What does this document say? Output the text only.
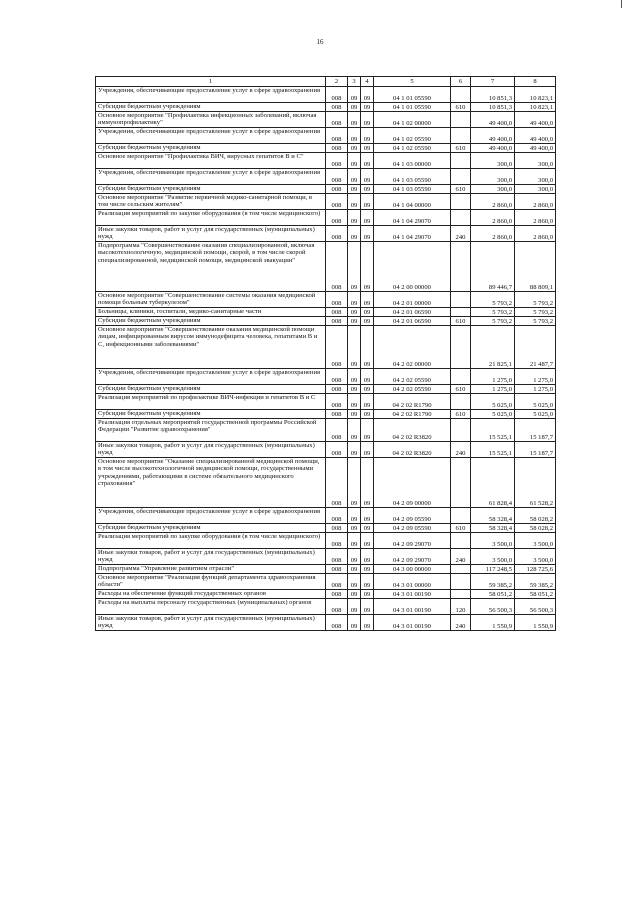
16
1	2	3	4	5	6	7	8
Учреждения, обеспечивающие предоставление услуг в сфере здравоохранения	008	09	09	04 1 01 05590		10 851,3	10 823,1
Субсидии бюджетным учреждениям	008	09	09	04 1 01 05590	610	10 851,3	10 823,1
Основное мероприятие "Профилактика инфекционных заболеваний, включая иммунопрофилактику"	008	09	09	04 1 02 00000		49 400,0	49 400,0
Учреждения, обеспечивающие предоставление услуг в сфере здравоохранения	008	09	09	04 1 02 05590		49 400,0	49 400,0
Субсидии бюджетным учреждениям	008	09	09	04 1 02 05590	610	49 400,0	49 400,0
Основное мероприятие "Профилактика ВИЧ, вирусных гепатитов В и С"	008	09	09	04 1 03 00000		300,0	300,0
Учреждения, обеспечивающие предоставление услуг в сфере здравоохранения	008	09	09	04 1 03 05590		300,0	300,0
Субсидии бюджетным учреждениям	008	09	09	04 1 03 05590	610	300,0	300,0
Основное мероприятие "Развитие первичной медико-санитарной помощи, в том числе сельским жителям"	008	09	09	04 1 04 00000		2 860,0	2 860,0
Реализация мероприятий по закупке оборудования (в том числе медицинского)	008	09	09	04 1 04 29070		2 860,0	2 860,0
Иные закупки товаров, работ и услуг для государственных (муниципальных) нужд	008	09	09	04 1 04 29070	240	2 860,0	2 860,0
Подпрограмма "Совершенствование оказания специализированной, включая высокотехнологичную, медицинской помощи, скорой, в том числе скорой специализированной, медицинской помощи, медицинской эвакуации"	008	09	09	04 2 00 00000		89 446,7	88 809,1
Основное мероприятие "Совершенствование системы оказания медицинской помощи больным туберкулезом"	008	09	09	04 2 01 00000		5 793,2	5 793,2
Больницы, клиники, госпитали, медико-санитарные части	008	09	09	04 2 01 06590		5 793,2	5 793,2
Субсидии бюджетным учреждениям	008	09	09	04 2 01 06590	610	5 793,2	5 793,2
Основное мероприятие "Совершенствование оказания медицинской помощи лицам, инфицированным вирусом иммунодефицита человека, гепатитами В и С, инфекционными заболеваниями"	008	09	09	04 2 02 00000		21 825,1	21 487,7
Учреждения, обеспечивающие предоставление услуг в сфере здравоохранения	008	09	09	04 2 02 05590		1 275,0	1 275,0
Субсидии бюджетным учреждениям	008	09	09	04 2 02 05590	610	1 275,0	1 275,0
Реализация мероприятий по профилактике ВИЧ-инфекции и гепатитов В и С	008	09	09	04 2 02 R1790		5 025,0	5 025,0
Субсидии бюджетным учреждениям	008	09	09	04 2 02 R1790	610	5 025,0	5 025,0
Реализация отдельных мероприятий государственной программы Российской Федерации "Развитие здравоохранения"	008	09	09	04 2 02 R3820		15 525,1	15 187,7
Иные закупки товаров, работ и услуг для государственных (муниципальных) нужд	008	09	09	04 2 02 R3820	240	15 525,1	15 187,7
Основное мероприятие "Оказание специализированной медицинской помощи, в том числе высокотехнологичной медицинской помощи, государственными учреждениями, работающими в системе обязательного медицинского страхования"	008	09	09	04 2 09 00000		61 828,4	61 528,2
Учреждения, обеспечивающие предоставление услуг в сфере здравоохранения	008	09	09	04 2 09 05590		58 328,4	58 028,2
Субсидии бюджетным учреждениям	008	09	09	04 2 09 05590	610	58 328,4	58 028,2
Реализация мероприятий по закупке оборудования (в том числе медицинского)	008	09	09	04 2 09 29070		3 500,0	3 500,0
Иные закупки товаров, работ и услуг для государственных (муниципальных) нужд	008	09	09	04 2 09 29070	240	3 500,0	3 500,0
Подпрограмма "Управление развитием отрасли"	008	09	09	04 3 00 00000		117 248,5	128 725,6
Основное мероприятие "Реализация функций департамента здравоохранения области"	008	09	09	04 3 01 00000		59 385,2	59 385,2
Расходы на обеспечение функций государственных органов	008	09	09	04 3 01 00190		58 051,2	58 051,2
Расходы на выплаты персоналу государственных (муниципальных) органов	008	09	09	04 3 01 00190	120	56 500,3	56 500,3
Иные закупки товаров, работ и услуг для государственных (муниципальных) нужд	008	09	09	04 3 01 00190	240	1 550,9	1 550,9
